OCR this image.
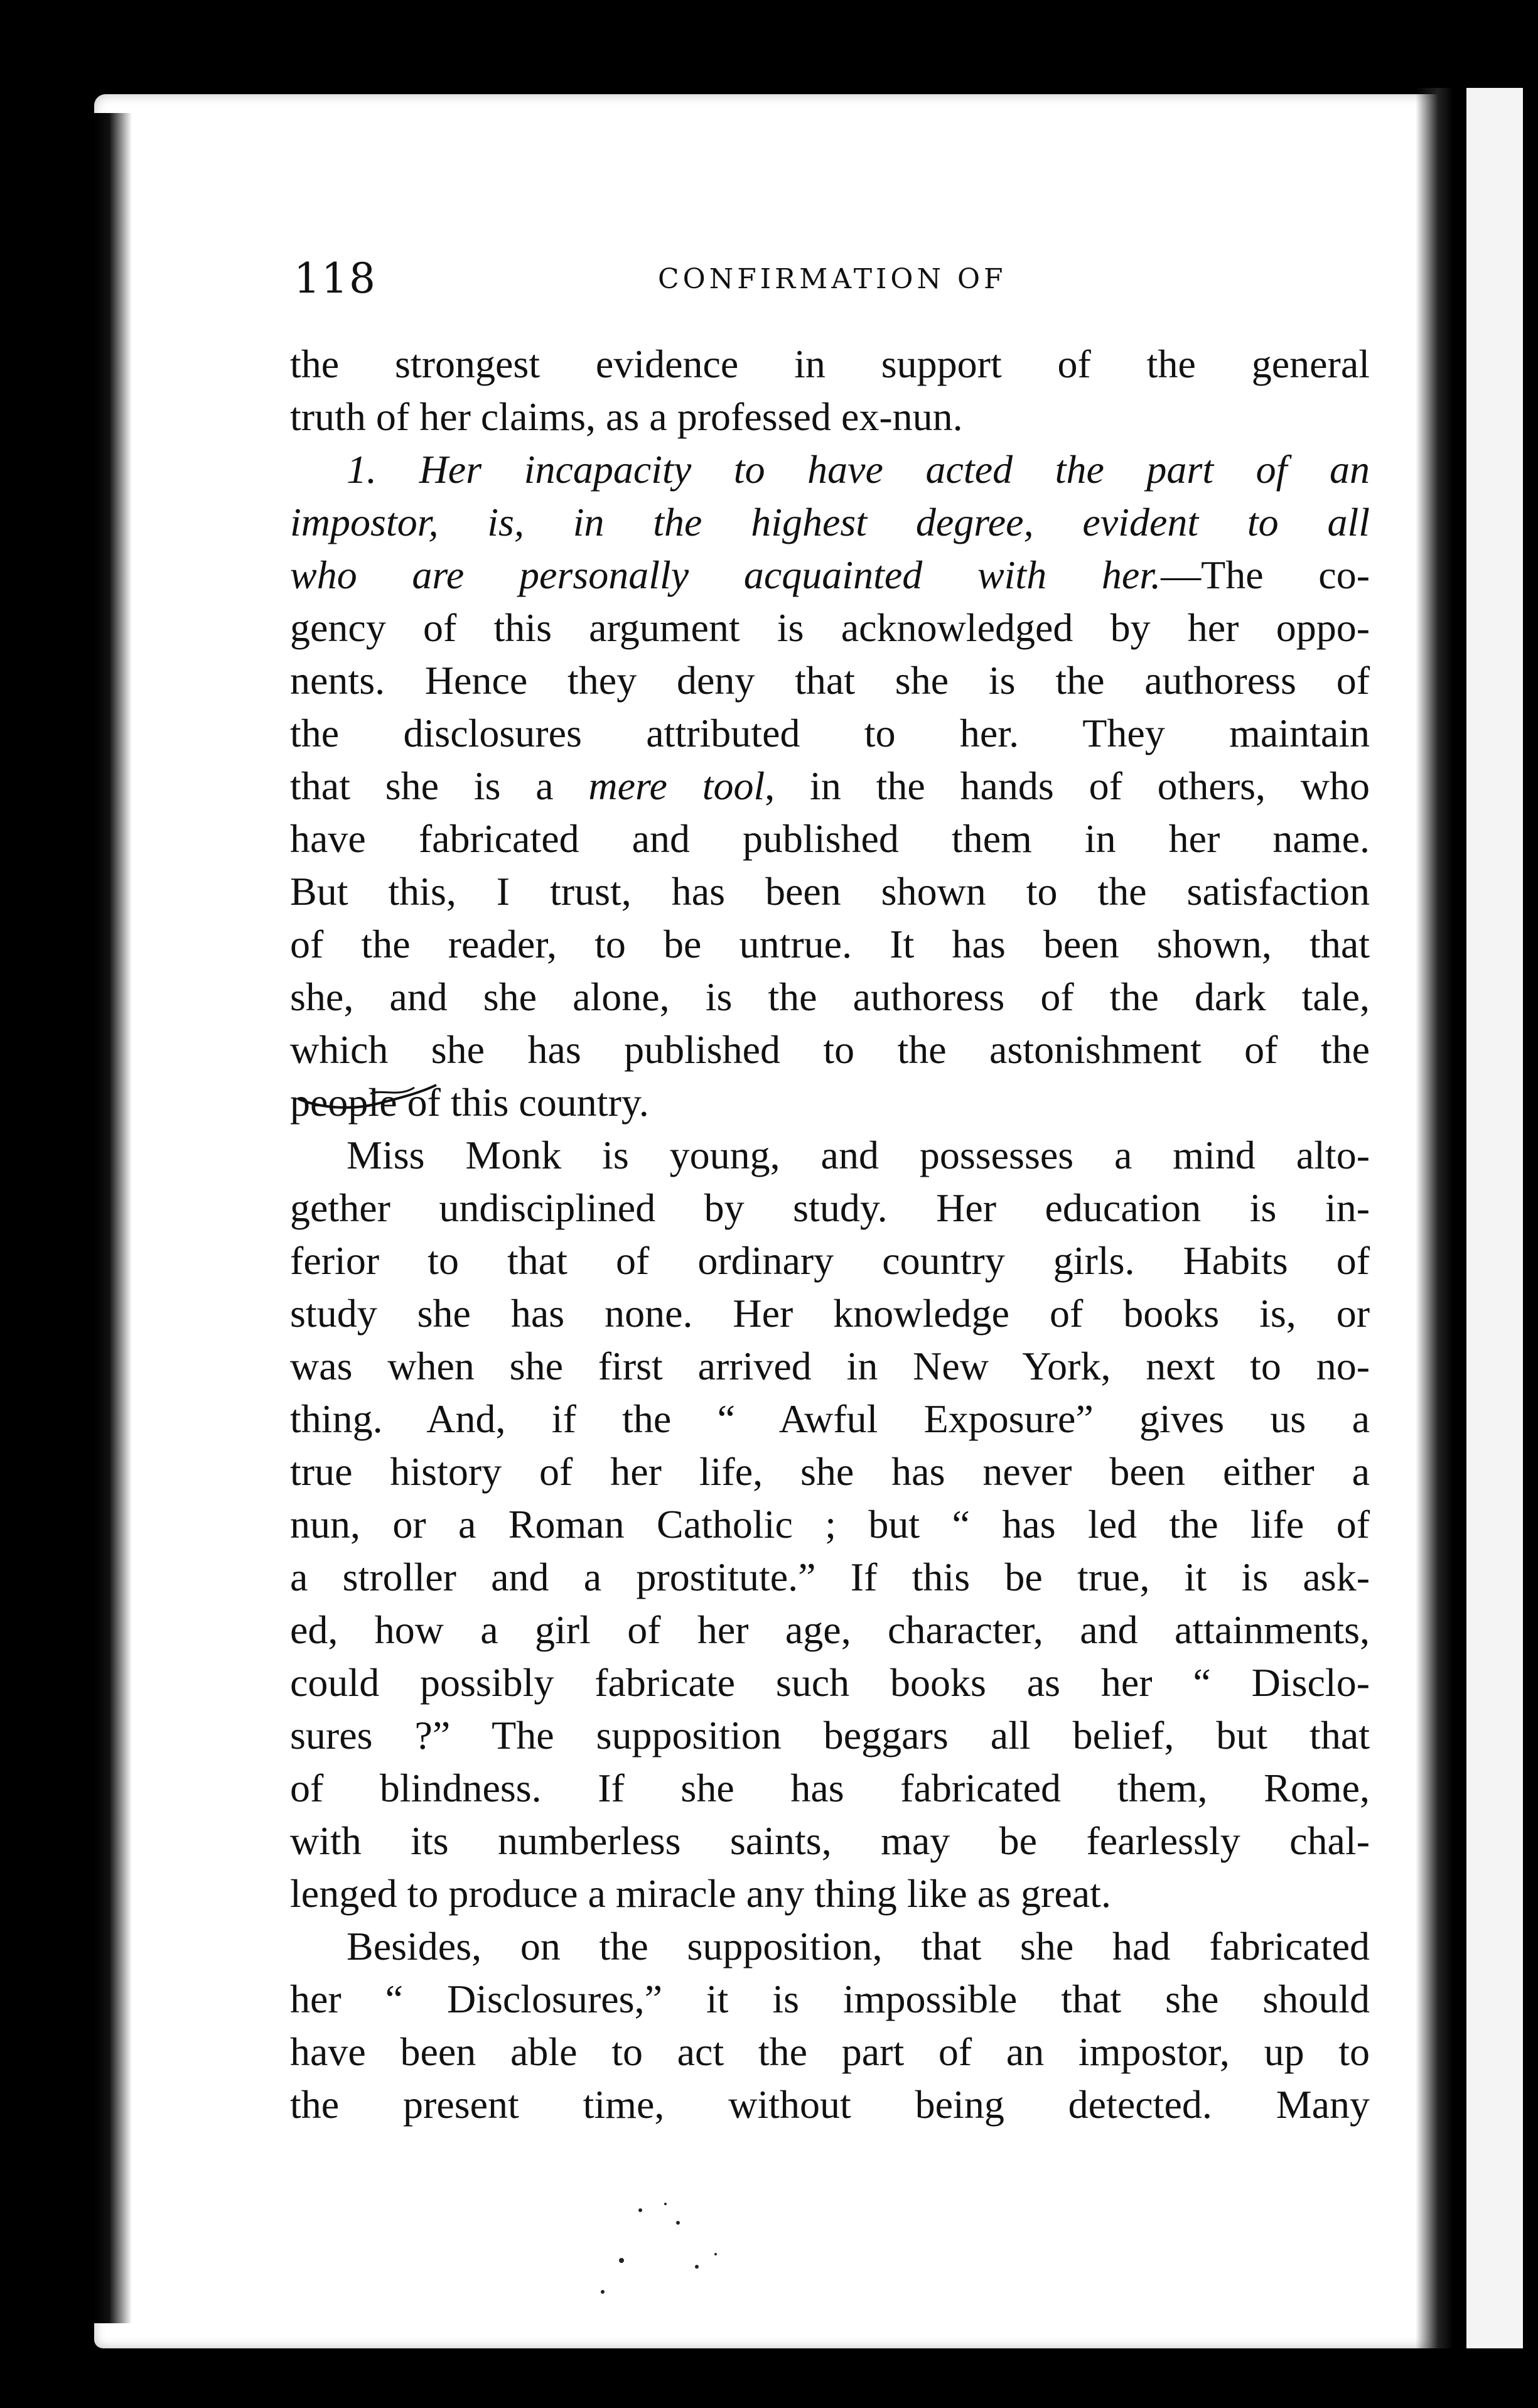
118	CONFIRMATION OF
the strongest evidence in support of the general
truth of her claims, as a professed ex-nun.
1. Her incapacity to have acted the part of an
impostor, is, in the highest degree, evident to all
who are personally acquainted with her.—The co-
gency of this argument is acknowledged by her oppo-
nents. Hence they deny that she is the authoress of
the disclosures attributed to her. They maintain
that she is a mere tool, in the hands of others, who
have fabricated and published them in her name.
But this, I trust, has been shown to the satisfaction
of the reader, to be untrue. It has been shown, that
she, and she alone, is the authoress of the dark tale,
which she has published to the astonishment of the
people of this country.
Miss Monk is young, and possesses a mind alto-
gether undisciplined by study. Her education is in-
ferior to that of ordinary country girls. Habits of
study she has none. Her knowledge of books is, or
was when she first arrived in New York, next to no-
thing. And, if the “ Awful Exposure” gives us a
true history of her life, she has never been either a
nun, or a Roman Catholic ; but “ has led the life of
a stroller and a prostitute.” If this be true, it is ask-
ed, how a girl of her age, character, and attainments,
could possibly fabricate such books as her “ Disclo-
sures ?” The supposition beggars all belief, but that
of blindness. If she has fabricated them, Rome,
with its numberless saints, may be fearlessly chal-
lenged to produce a miracle any thing like as great.
Besides, on the supposition, that she had fabricated
her “ Disclosures,” it is impossible that she should
have been able to act the part of an impostor, up to
the present time, without being detected. Many
